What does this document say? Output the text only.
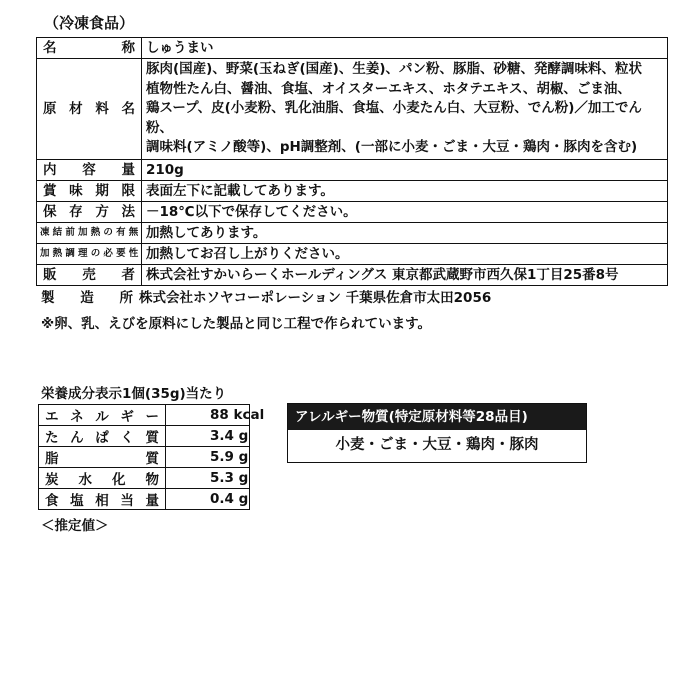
（冷凍食品）
名称	しゅうまい
原材料名	豚肉(国産)、野菜(玉ねぎ(国産)、生姜)、パン粉、豚脂、砂糖、発酵調味料、粒状
植物性たん白、醤油、食塩、オイスターエキス、ホタテエキス、胡椒、ごま油、
鶏スープ、皮(小麦粉、乳化油脂、食塩、小麦たん白、大豆粉、でん粉)／加工でん粉、
調味料(アミノ酸等)、pH調整剤、(一部に小麦・ごま・大豆・鶏肉・豚肉を含む)

内容量	210g
賞味期限	表面左下に記載してあります。
保存方法	－18℃以下で保存してください。
凍結前加熱の有無	加熱してあります。
加熱調理の必要性	加熱してお召し上がりください。
販売者	株式会社すかいらーくホールディングス 東京都武蔵野市西久保1丁目25番8号
製造所 株式会社ホソヤコーポレーション 千葉県佐倉市太田2056
※卵、乳、えびを原料にした製品と同じ工程で作られています。
栄養成分表示1個(35g)当たり
エネルギー	88 kcal
たんぱく質	3.4 g
脂質	5.9 g
炭水化物	5.3 g
食塩相当量	0.4 g
＜推定値＞
アレルギー物質(特定原材料等28品目)
小麦・ごま・大豆・鶏肉・豚肉
